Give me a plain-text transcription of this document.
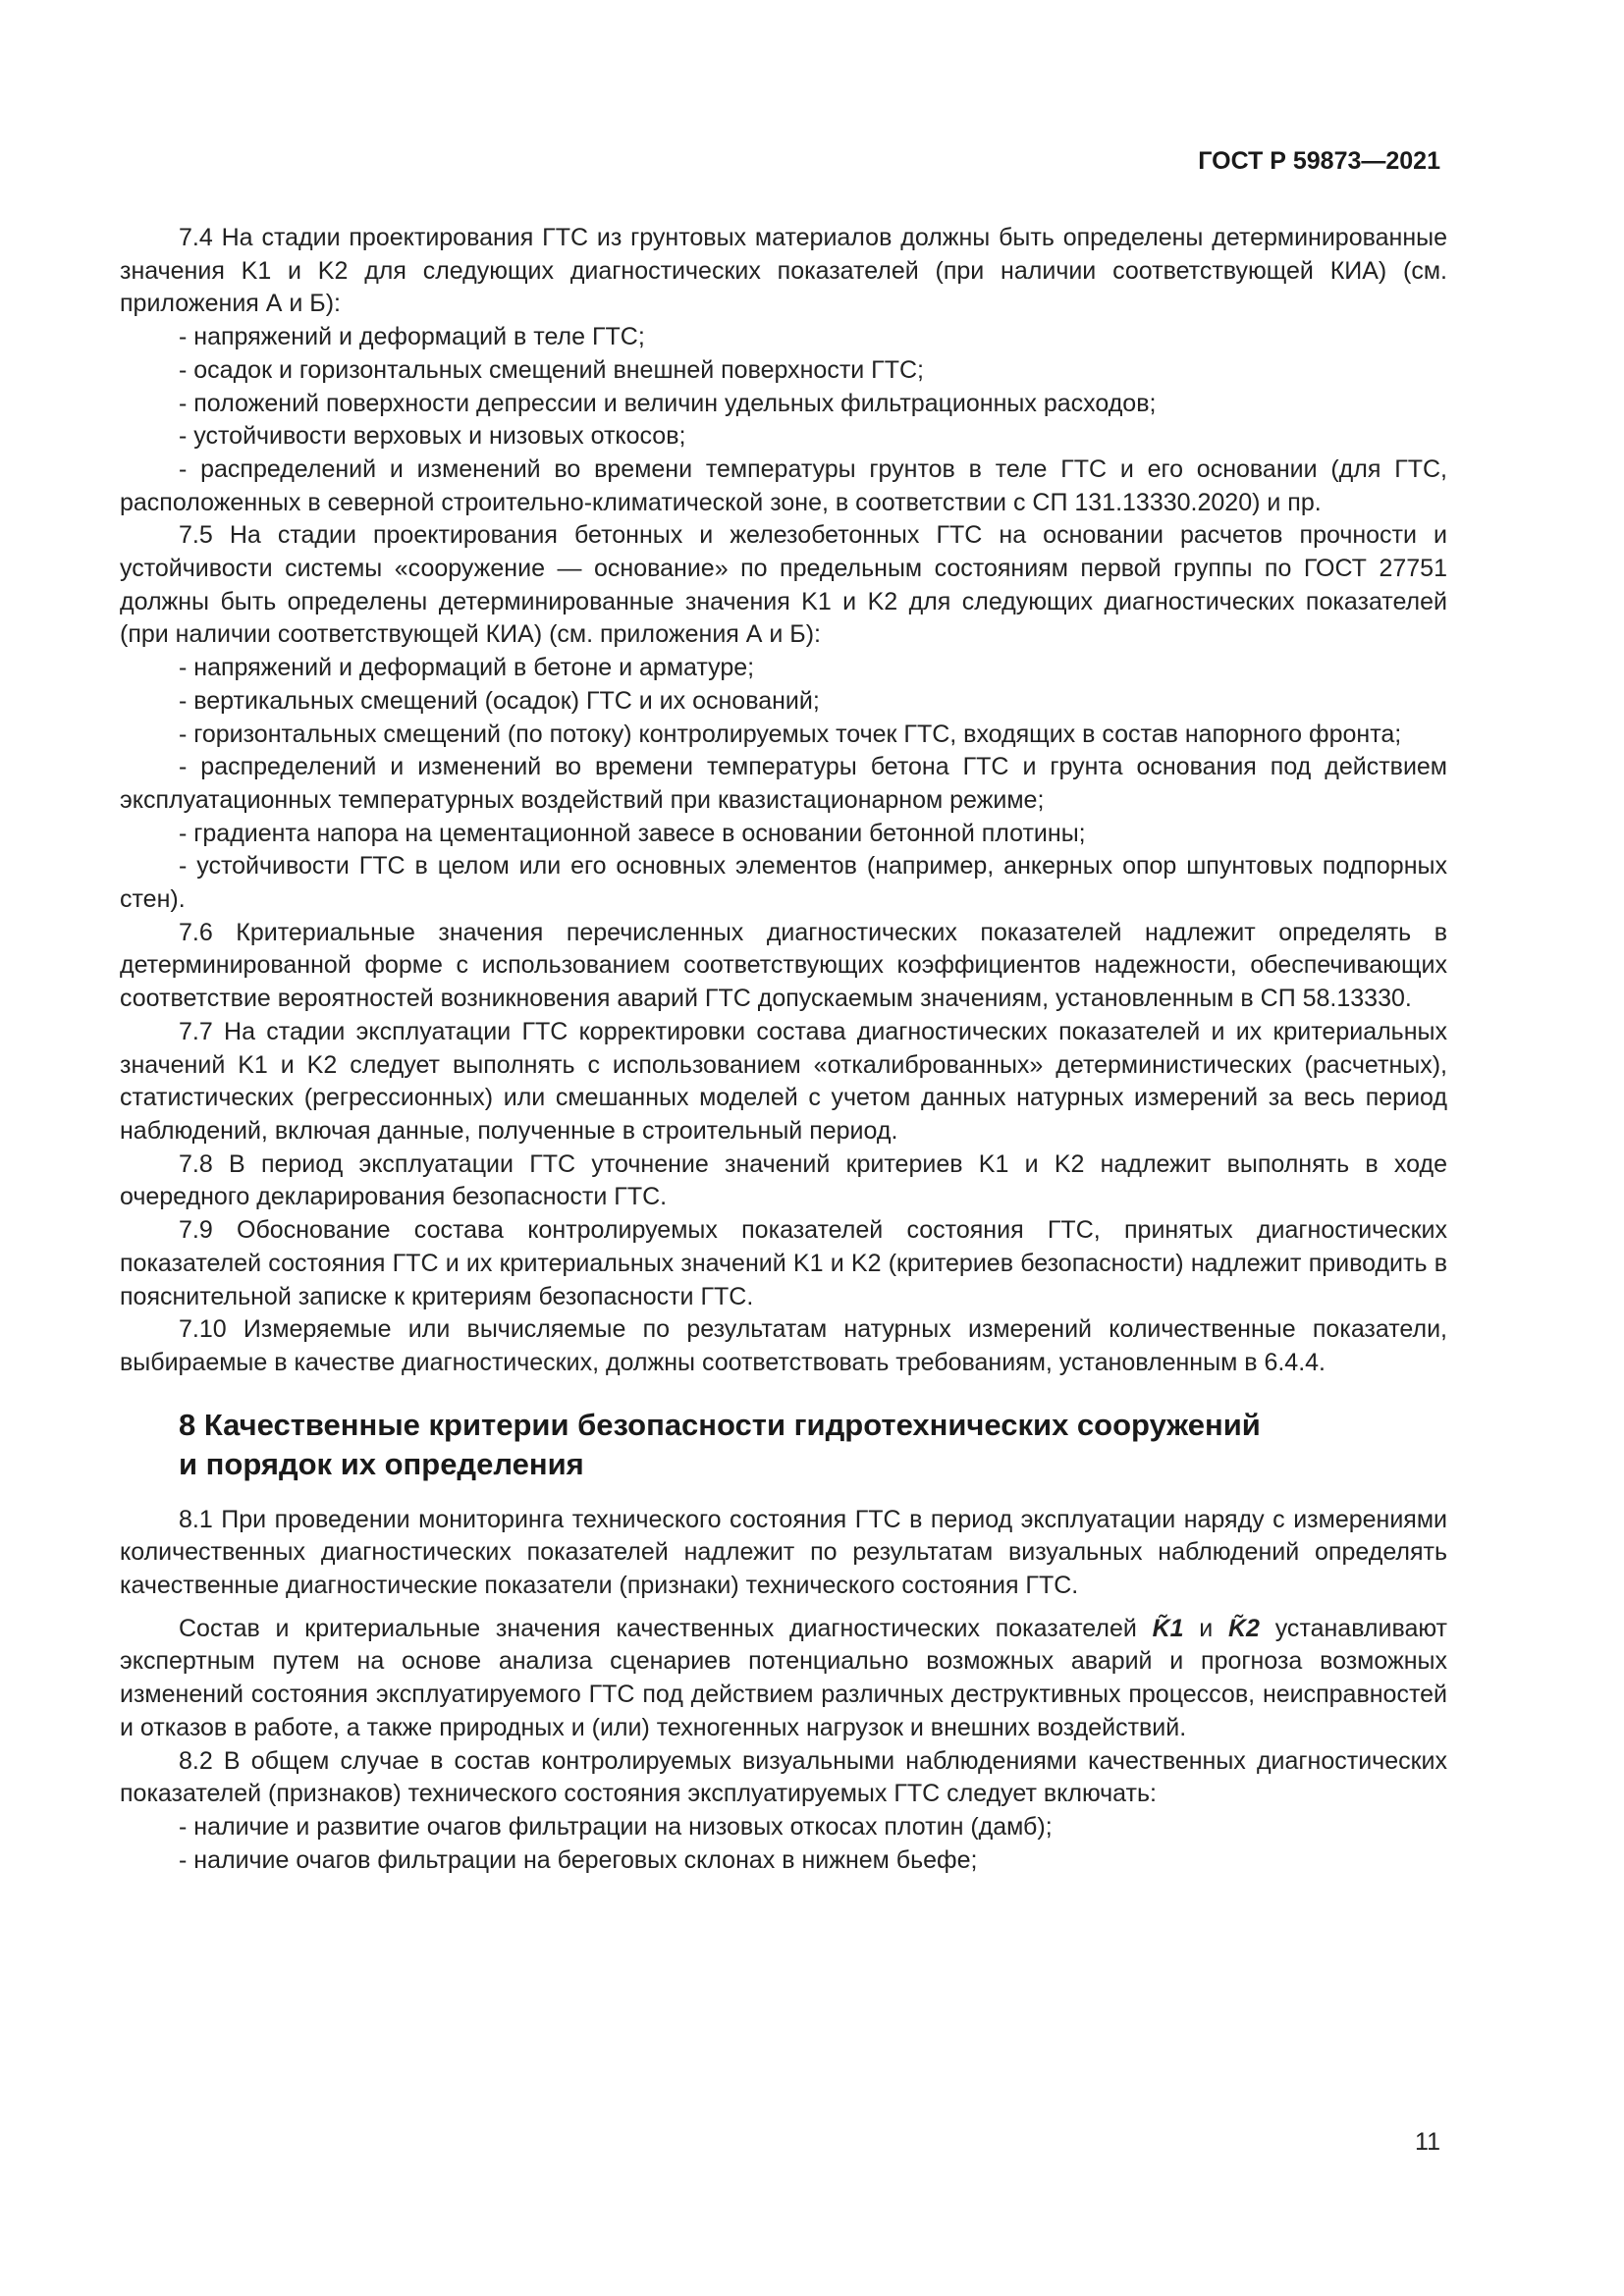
ГОСТ Р 59873—2021

7.4 На стадии проектирования ГТС из грунтовых материалов должны быть определены детерминированные значения K1 и K2 для следующих диагностических показателей (при наличии соответствующей КИА) (см. приложения А и Б):

- напряжений и деформаций в теле ГТС;

- осадок и горизонтальных смещений внешней поверхности ГТС;

- положений поверхности депрессии и величин удельных фильтрационных расходов;

- устойчивости верховых и низовых откосов;

- распределений и изменений во времени температуры грунтов в теле ГТС и его основании (для ГТС, расположенных в северной строительно-климатической зоне, в соответствии с СП 131.13330.2020) и пр.

7.5 На стадии проектирования бетонных и железобетонных ГТС на основании расчетов прочности и устойчивости системы «сооружение — основание» по предельным состояниям первой группы по ГОСТ 27751 должны быть определены детерминированные значения K1 и K2 для следующих диагностических показателей (при наличии соответствующей КИА) (см. приложения А и Б):

- напряжений и деформаций в бетоне и арматуре;

- вертикальных смещений (осадок) ГТС и их оснований;

- горизонтальных смещений (по потоку) контролируемых точек ГТС, входящих в состав напорного фронта;

- распределений и изменений во времени температуры бетона ГТС и грунта основания под действием эксплуатационных температурных воздействий при квазистационарном режиме;

- градиента напора на цементационной завесе в основании бетонной плотины;

- устойчивости ГТС в целом или его основных элементов (например, анкерных опор шпунтовых подпорных стен).

7.6 Критериальные значения перечисленных диагностических показателей надлежит определять в детерминированной форме с использованием соответствующих коэффициентов надежности, обеспечивающих соответствие вероятностей возникновения аварий ГТС допускаемым значениям, установленным в СП 58.13330.

7.7 На стадии эксплуатации ГТС корректировки состава диагностических показателей и их критериальных значений K1 и K2 следует выполнять с использованием «откалиброванных» детерминистических (расчетных), статистических (регрессионных) или смешанных моделей с учетом данных натурных измерений за весь период наблюдений, включая данные, полученные в строительный период.

7.8 В период эксплуатации ГТС уточнение значений критериев K1 и K2 надлежит выполнять в ходе очередного декларирования безопасности ГТС.

7.9 Обоснование состава контролируемых показателей состояния ГТС, принятых диагностических показателей состояния ГТС и их критериальных значений K1 и K2 (критериев безопасности) надлежит приводить в пояснительной записке к критериям безопасности ГТС.

7.10 Измеряемые или вычисляемые по результатам натурных измерений количественные показатели, выбираемые в качестве диагностических, должны соответствовать требованиям, установленным в 6.4.4.

8 Качественные критерии безопасности гидротехнических сооружений
и порядок их определения

8.1 При проведении мониторинга технического состояния ГТС в период эксплуатации наряду с измерениями количественных диагностических показателей надлежит по результатам визуальных наблюдений определять качественные диагностические показатели (признаки) технического состояния ГТС.

Состав и критериальные значения качественных диагностических показателей K̃1 и K̃2 устанавливают экспертным путем на основе анализа сценариев потенциально возможных аварий и прогноза возможных изменений состояния эксплуатируемого ГТС под действием различных деструктивных процессов, неисправностей и отказов в работе, а также природных и (или) техногенных нагрузок и внешних воздействий.

8.2 В общем случае в состав контролируемых визуальными наблюдениями качественных диагностических показателей (признаков) технического состояния эксплуатируемых ГТС следует включать:

- наличие и развитие очагов фильтрации на низовых откосах плотин (дамб);

- наличие очагов фильтрации на береговых склонах в нижнем бьефе;

11
